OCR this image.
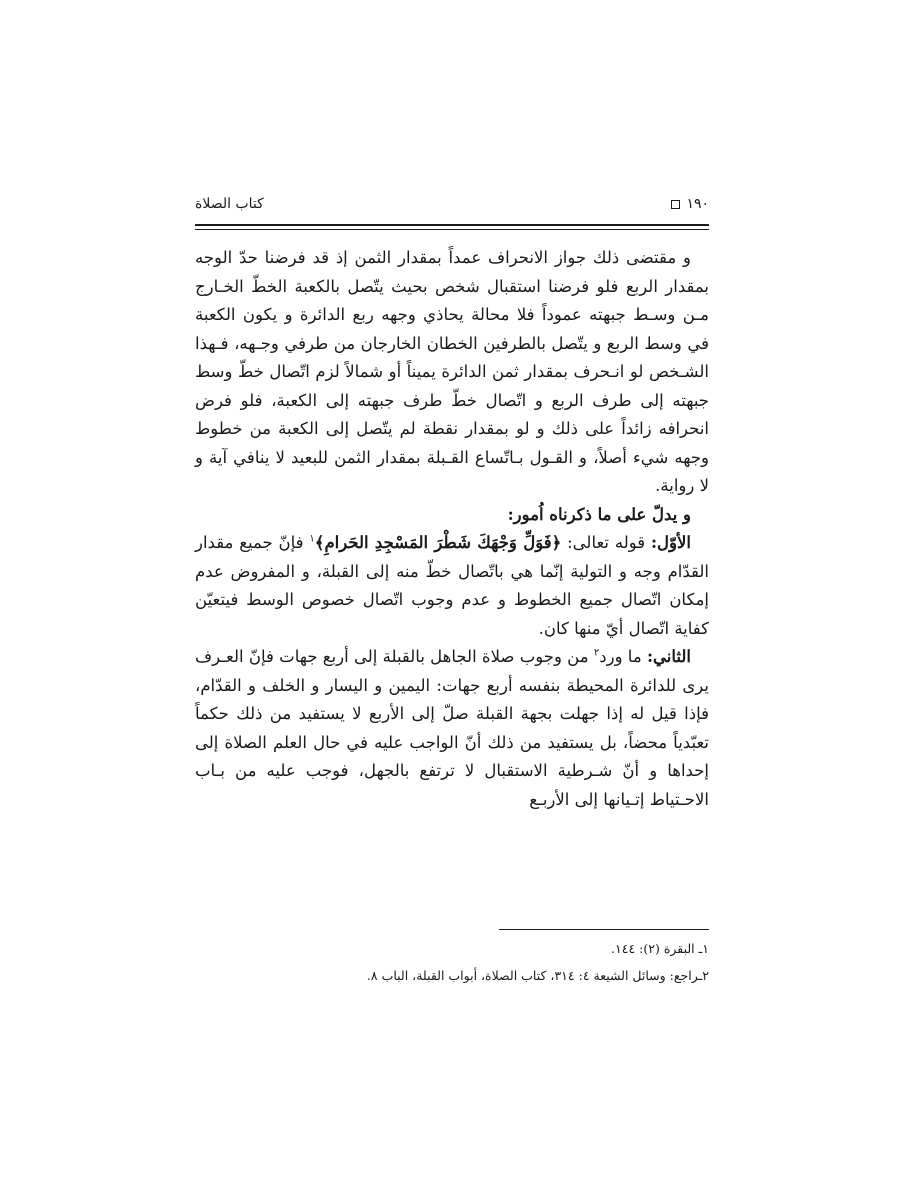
١٩٠
كتاب الصلاة

و مقتضى ذلك جواز الانحراف عمداً بمقدار الثمن إذ قد فرضنا حدّ الوجه بمقدار الربع فلو فرضنا استقبال شخص بحيث يتّصل بالكعبة الخطّ الخـارج مـن وسـط جبهته عموداً فلا محالة يحاذي وجهه ربع الدائرة و يكون الكعبة في وسط الربع و يتّصل بالطرفين الخطان الخارجان من طرفي وجـهه، فـهذا الشـخص لو انـحرف بمقدار ثمن الدائرة يميناً أو شمالاً لزم اتّصال خطّ وسط جبهته إلى طرف الربع و اتّصال خطّ طرف جبهته إلى الكعبة، فلو فرض انحرافه زائداً على ذلك و لو بمقدار نقطة لم يتّصل إلى الكعبة من خطوط وجهه شيء أصلاً، و القـول بـاتّساع القـبلة بمقدار الثمن للبعيد لا ينافي آية و لا رواية.

و يدلّ على ما ذكرناه اُمور:

الأوّل: قوله تعالى: ﴿فَوَلِّ وَجْهَكَ شَطْرَ المَسْجِدِ الحَرامِ﴾$^١$ فإنّ جميع مقدار القدّام وجه و التولية إنّما هي باتّصال خطّ منه إلى القبلة، و المفروض عدم إمكان اتّصال جميع الخطوط و عدم وجوب اتّصال خصوص الوسط فيتعيّن كفاية اتّصال أيّ منها كان.

الثاني: ما ورد$^٢$ من وجوب صلاة الجاهل بالقبلة إلى أربع جهات فإنّ العـرف يرى للدائرة المحيطة بنفسه أربع جهات: اليمين و اليسار و الخلف و القدّام، فإذا قيل له إذا جهلت بجهة القبلة صلّ إلى الأربع لا يستفيد من ذلك حكماً تعبّدياً محضاً، بل يستفيد من ذلك أنّ الواجب عليه في حال العلم الصلاة إلى إحداها و أنّ شـرطية الاستقبال لا ترتفع بالجهل، فوجب عليه من بـاب الاحـتياط إتـيانها إلى الأربـع

١ـ البقرة (٢): ١٤٤.
٢ـراجع: وسائل الشيعة ٤: ٣١٤، كتاب الصلاة، أبواب القبلة، الباب ٨.
